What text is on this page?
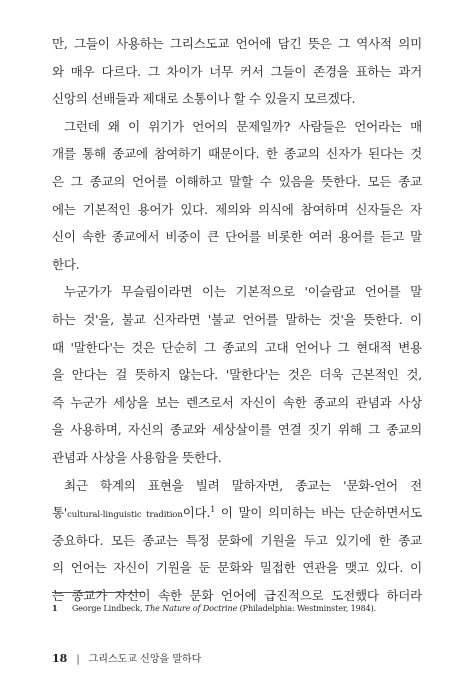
만, 그들이 사용하는 그리스도교 언어에 담긴 뜻은 그 역사적 의미
와 매우 다르다. 그 차이가 너무 커서 그들이 존경을 표하는 과거
신앙의 선배들과 제대로 소통이나 할 수 있을지 모르겠다.
그런데 왜 이 위기가 언어의 문제일까? 사람들은 언어라는 매
개를 통해 종교에 참여하기 때문이다. 한 종교의 신자가 된다는 것
은 그 종교의 언어를 이해하고 말할 수 있음을 뜻한다. 모든 종교
에는 기본적인 용어가 있다. 제의와 의식에 참여하며 신자들은 자
신이 속한 종교에서 비중이 큰 단어를 비롯한 여러 용어를 듣고 말
한다.
누군가가 무슬림이라면 이는 기본적으로 '이슬람교 언어를 말
하는 것'을, 불교 신자라면 '불교 언어를 말하는 것'을 뜻한다. 이
때 '말한다'는 것은 단순히 그 종교의 고대 언어나 그 현대적 변용
을 안다는 걸 뜻하지 않는다. '말한다'는 것은 더욱 근본적인 것,
즉 누군가 세상을 보는 렌즈로서 자신이 속한 종교의 관념과 사상
을 사용하며, 자신의 종교와 세상살이를 연결 짓기 위해 그 종교의
관념과 사상을 사용함을 뜻한다.
최근 학계의 표현을 빌려 말하자면, 종교는 '문화-언어 전
통'cultural-linguistic tradition이다.$^1$ 이 말이 의미하는 바는 단순하면서도
중요하다. 모든 종교는 특정 문화에 기원을 두고 있기에 한 종교
의 언어는 자신이 기원을 둔 문화와 밀접한 연관을 맺고 있다. 이
는 종교가 자신이 속한 문화 언어에 급진적으로 도전했다 하더라
1 George Lindbeck, The Nature of Doctrine (Philadelphia: Westminster, 1984).
18 | 그리스도교 신앙을 말하다
